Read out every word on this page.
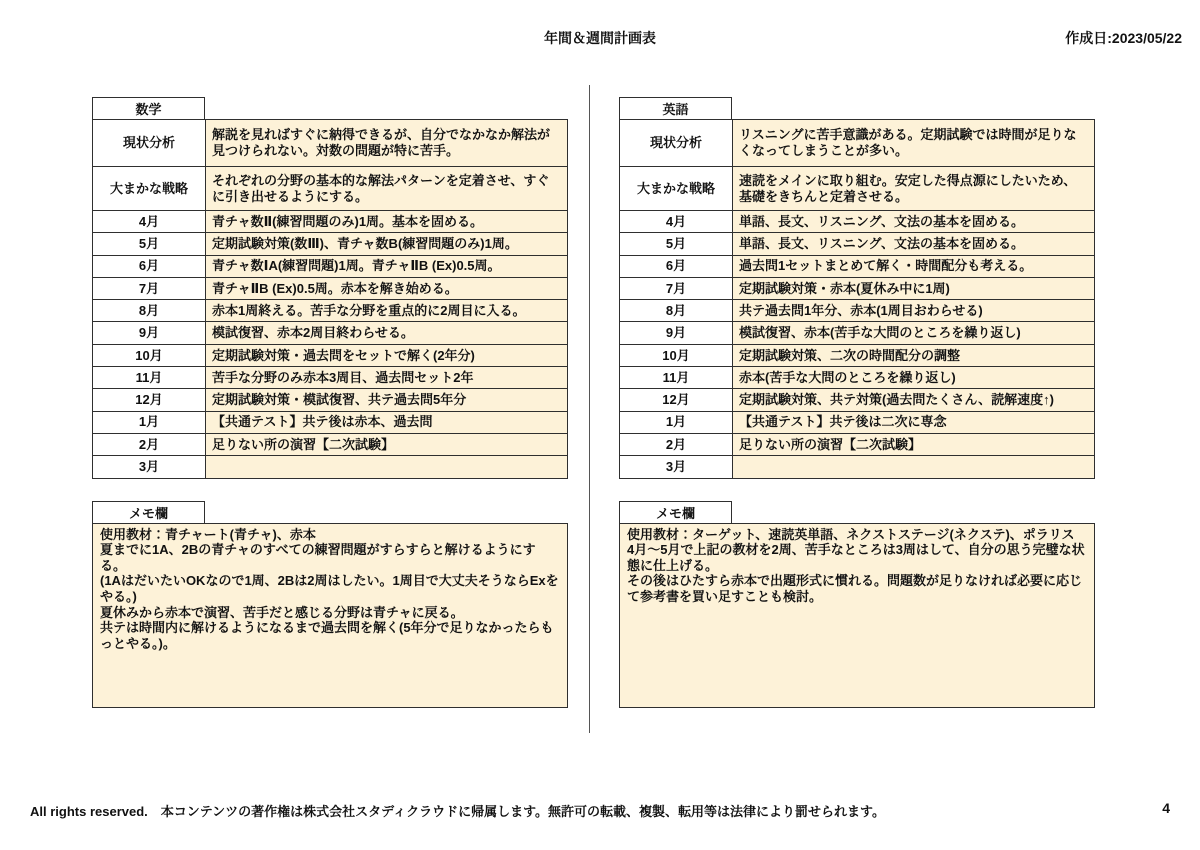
年間＆週間計画表	作成日:2023/05/22
数学
現状分析	解説を見ればすぐに納得できるが、自分でなかなか解法が見つけられない。対数の問題が特に苦手。
大まかな戦略	それぞれの分野の基本的な解法パターンを定着させ、すぐに引き出せるようにする。
4月	青チャ数Ⅱ(練習問題のみ)1周。基本を固める。
5月	定期試験対策(数Ⅲ)、青チャ数B(練習問題のみ)1周。
6月	青チャ数ⅠA(練習問題)1周。青チャⅡB (Ex)0.5周。
7月	青チャⅡB (Ex)0.5周。赤本を解き始める。
8月	赤本1周終える。苦手な分野を重点的に2周目に入る。
9月	模試復習、赤本2周目終わらせる。
10月	定期試験対策・過去問をセットで解く(2年分)
11月	苦手な分野のみ赤本3周目、過去問セット2年
12月	定期試験対策・模試復習、共テ過去問5年分
1月	【共通テスト】共テ後は赤本、過去問
2月	足りない所の演習【二次試験】
3月	
メモ欄
使用教材：青チャート(青チャ)、赤本
夏までに1A、2Bの青チャのすべての練習問題がすらすらと解けるようにする。
(1AはだいたいOKなので1周、2Bは2周はしたい。1周目で大丈夫そうならExをやる。)
夏休みから赤本で演習、苦手だと感じる分野は青チャに戻る。
共テは時間内に解けるようになるまで過去問を解く(5年分で足りなかったらもっとやる。)。
英語
現状分析	リスニングに苦手意識がある。定期試験では時間が足りなくなってしまうことが多い。
大まかな戦略	速読をメインに取り組む。安定した得点源にしたいため、基礎をきちんと定着させる。
4月	単語、長文、リスニング、文法の基本を固める。
5月	単語、長文、リスニング、文法の基本を固める。
6月	過去問1セットまとめて解く・時間配分も考える。
7月	定期試験対策・赤本(夏休み中に1周)
8月	共テ過去問1年分、赤本(1周目おわらせる)
9月	模試復習、赤本(苦手な大問のところを繰り返し)
10月	定期試験対策、二次の時間配分の調整
11月	赤本(苦手な大問のところを繰り返し)
12月	定期試験対策、共テ対策(過去問たくさん、読解速度↑)
1月	【共通テスト】共テ後は二次に専念
2月	足りない所の演習【二次試験】
3月	
メモ欄
使用教材：ターゲット、速読英単語、ネクストステージ(ネクステ)、ポラリス
4月～5月で上記の教材を2周、苦手なところは3周はして、自分の思う完璧な状態に仕上げる。
その後はひたすら赤本で出題形式に慣れる。問題数が足りなければ必要に応じて参考書を買い足すことも検討。
All rights reserved.　本コンテンツの著作権は株式会社スタディクラウドに帰属します。無許可の転載、複製、転用等は法律により罰せられます。	4
